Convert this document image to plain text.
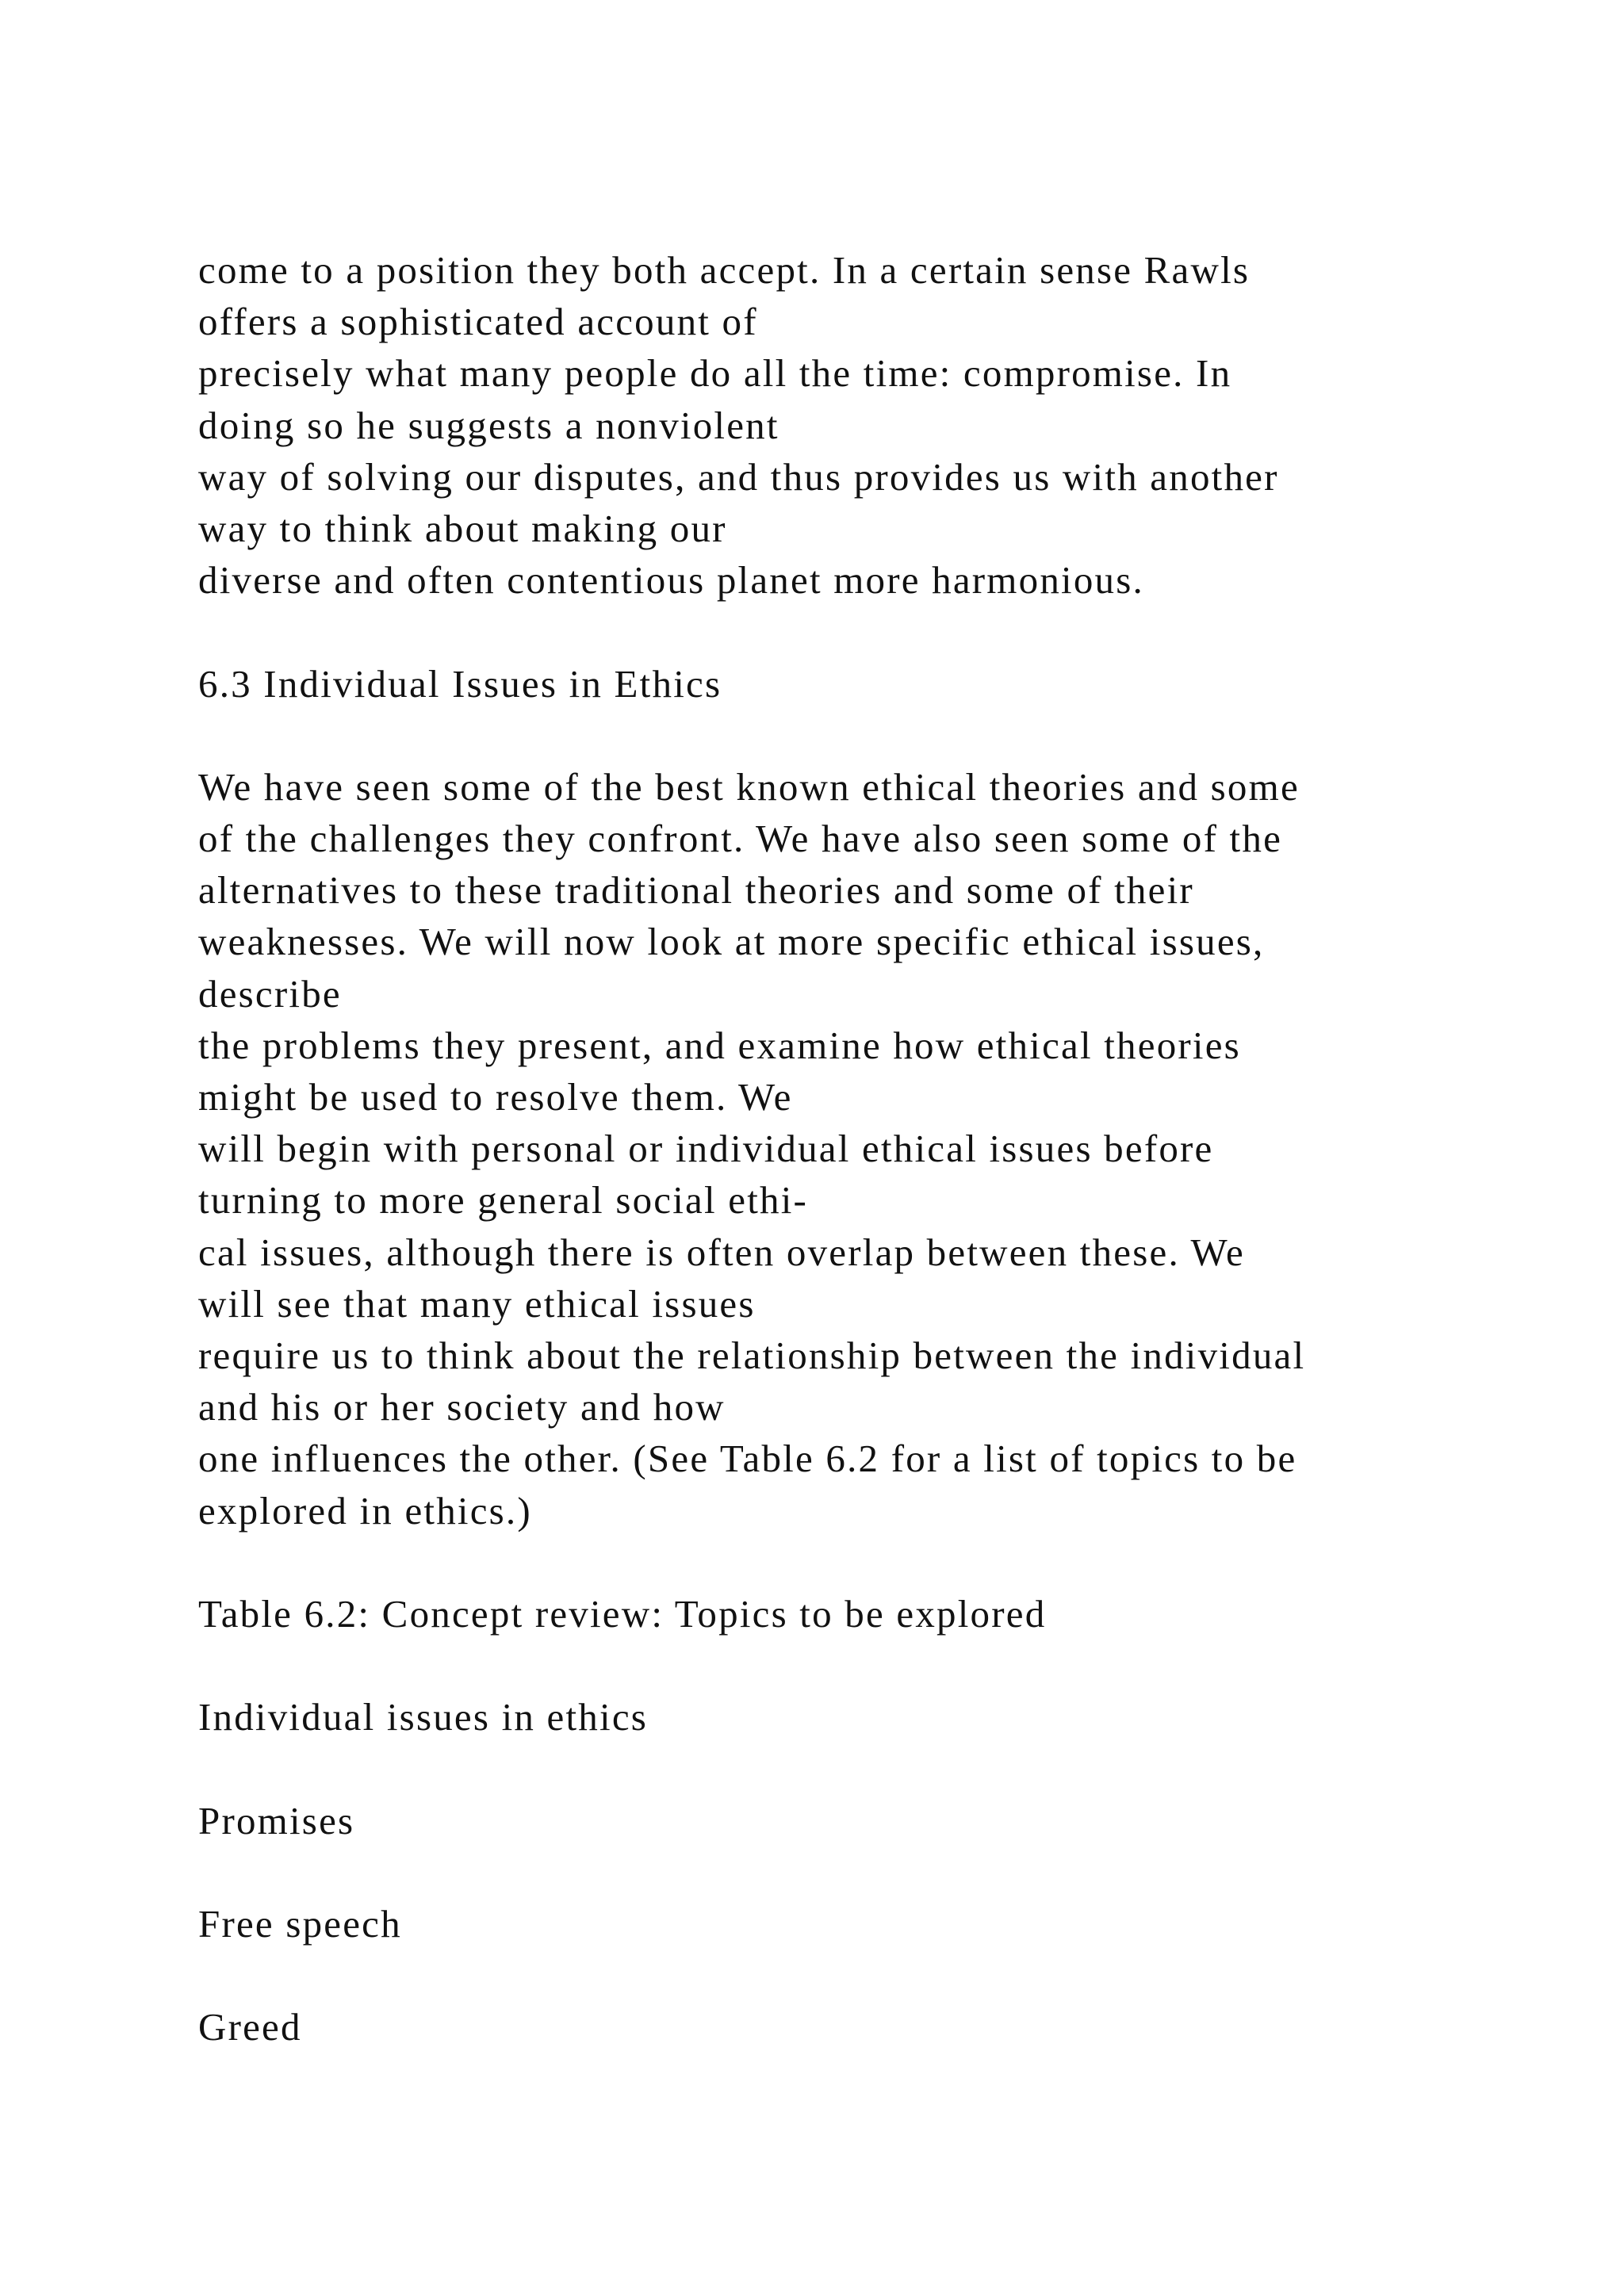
come to a position they both accept. In a certain sense Rawls
offers a sophisticated account of
precisely what many people do all the time: compromise. In
doing so he suggests a nonviolent
way of solving our disputes, and thus provides us with another
way to think about making our
diverse and often contentious planet more harmonious.
6.3 Individual Issues in Ethics
We have seen some of the best known ethical theories and some
of the challenges they confront. We have also seen some of the
alternatives to these traditional theories and some of their
weaknesses. We will now look at more specific ethical issues,
describe
the problems they present, and examine how ethical theories
might be used to resolve them. We
will begin with personal or individual ethical issues before
turning to more general social ethi-
cal issues, although there is often overlap between these. We
will see that many ethical issues
require us to think about the relationship between the individual
and his or her society and how
one influences the other. (See Table 6.2 for a list of topics to be
explored in ethics.)
Table 6.2: Concept review: Topics to be explored
Individual issues in ethics
Promises
Free speech
Greed
